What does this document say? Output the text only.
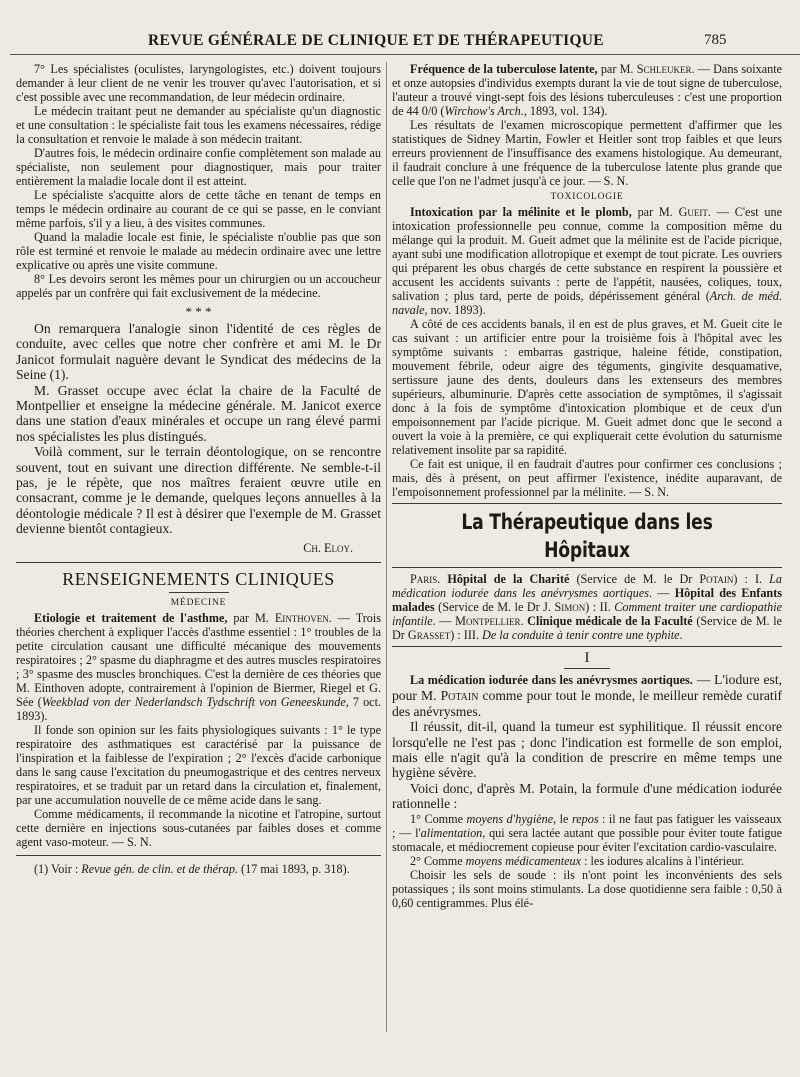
REVUE GÉNÉRALE DE CLINIQUE ET DE THÉRAPEUTIQUE	785

7° Les spécialistes (oculistes, laryngologistes, etc.) doivent toujours demander à leur client de ne venir les trouver qu'avec l'autorisation, et si c'est possible avec une recommandation, de leur médecin ordinaire.

Le médecin traitant peut ne demander au spécialiste qu'un diagnostic et une consultation : le spécialiste fait tous les examens nécessaires, rédige la consultation et renvoie le malade à son médecin traitant.

D'autres fois, le médecin ordinaire confie complètement son malade au spécialiste, non seulement pour diagnostiquer, mais pour traiter entièrement la maladie locale dont il est atteint.

Le spécialiste s'acquitte alors de cette tâche en tenant de temps en temps le médecin ordinaire au courant de ce qui se passe, en le conviant même parfois, s'il y a lieu, à des visites communes.

Quand la maladie locale est finie, le spécialiste n'oublie pas que son rôle est terminé et renvoie le malade au médecin ordinaire avec une lettre explicative ou après une visite commune.

8° Les devoirs seront les mêmes pour un chirurgien ou un accoucheur appelés par un confrère qui fait exclusivement de la médecine.

* * *

On remarquera l'analogie sinon l'identité de ces règles de conduite, avec celles que notre cher confrère et ami M. le Dr Janicot formulait naguère devant le Syndicat des médecins de la Seine (1).

M. Grasset occupe avec éclat la chaire de la Faculté de Montpellier et enseigne la médecine générale. M. Janicot exerce dans une station d'eaux minérales et occupe un rang élevé parmi nos spécialistes les plus distingués.

Voilà comment, sur le terrain déontologique, on se rencontre souvent, tout en suivant une direction différente. Ne semble-t-il pas, je le répète, que nos maîtres feraient œuvre utile en consacrant, comme je le demande, quelques leçons annuelles à la déontologie médicale ? Il est à désirer que l'exemple de M. Grasset devienne bientôt contagieux.

Ch. Eloy.
RENSEIGNEMENTS CLINIQUES
MÉDECINE

Etiologie et traitement de l'asthme, par M. Einthoven. — Trois théories cherchent à expliquer l'accès d'asthme essentiel : 1° troubles de la petite circulation causant une difficulté mécanique des mouvements respiratoires ; 2° spasme du diaphragme et des autres muscles respiratoires ; 3° spasme des muscles bronchiques. C'est la dernière de ces théories que M. Einthoven adopte, contrairement à l'opinion de Biermer, Riegel et G. Sée (Weekblad von der Nederlandsch Tydschrift von Geneeskunde, 7 oct. 1893).

Il fonde son opinion sur les faits physiologiques suivants : 1° le type respiratoire des asthmatiques est caractérisé par la puissance de l'inspiration et la faiblesse de l'expiration ; 2° l'excès d'acide carbonique dans le sang cause l'excitation du pneumogastrique et des centres nerveux respiratoires, et se traduit par un retard dans la circulation et, finalement, par une accumulation nouvelle de ce même acide dans le sang.

Comme médicaments, il recommande la nicotine et l'atropine, surtout cette dernière en injections sous-cutanées par faibles doses et comme agent vaso-moteur. — S. N.

(1) Voir : Revue gén. de clin. et de thérap. (17 mai 1893, p. 318).

Fréquence de la tuberculose latente, par M. Schleuker. — Dans soixante et onze autopsies d'individus exempts durant la vie de tout signe de tuberculose, l'auteur a trouvé vingt-sept fois des lésions tuberculeuses : c'est une proportion de 44 0/0 (Wirchow's Arch., 1893, vol. 134).

Les résultats de l'examen microscopique permettent d'affirmer que les statistiques de Sidney Martin, Fowler et Heitler sont trop faibles et que leurs erreurs proviennent de l'insuffisance des examens histologique. Au demeurant, il faudrait conclure à une fréquence de la tuberculose latente plus grande que celle que l'on ne l'admet jusqu'à ce jour. — S. N.

TOXICOLOGIE

Intoxication par la mélinite et le plomb, par M. Gueit. — C'est une intoxication professionnelle peu connue, comme la composition même du mélange qui la produit. M. Gueit admet que la mélinite est de l'acide picrique, ayant subi une modification allotropique et exempt de tout picrate. Les ouvriers qui préparent les obus chargés de cette substance en respirent la poussière et accusent les accidents suivants : perte de l'appétit, nausées, coliques, toux, salivation ; plus tard, perte de poids, dépérissement général (Arch. de méd. navale, nov. 1893).

A côté de ces accidents banals, il en est de plus graves, et M. Gueit cite le cas suivant : un artificier entre pour la troisième fois à l'hôpital avec les symptôme suivants : embarras gastrique, haleine fétide, constipation, mouvement fébrile, odeur aigre des téguments, gingivite desquamative, sertissure jaune des dents, douleurs dans les extenseurs des membres supérieurs, albuminurie. D'après cette association de symptômes, il s'agissait donc à la fois de symptôme d'intoxication plombique et de ceux d'un empoisonnement par l'acide picrique. M. Gueit admet donc que le second a ouvert la voie à la première, ce qui expliquerait cette évolution du saturnisme relativement insolite par sa rapidité.

Ce fait est unique, il en faudrait d'autres pour confirmer ces conclusions ; mais, dès à présent, on peut affirmer l'existence, inédite auparavant, de l'empoisonnement professionnel par la mélinite. — S. N.

La Thérapeutique dans les Hôpitaux

Paris. Hôpital de la Charité (Service de M. le Dr Potain) : I. La médication iodurée dans les anévrysmes aortiques. — Hôpital des Enfants malades (Service de M. le Dr J. Simon) : II. Comment traiter une cardiopathie infantile. — Montpellier. Clinique médicale de la Faculté (Service de M. le Dr Grasset) : III. De la conduite à tenir contre une typhite.

I

La médication iodurée dans les anévrysmes aortiques. — L'iodure est, pour M. Potain comme pour tout le monde, le meilleur remède curatif des anévrysmes.

Il réussit, dit-il, quand la tumeur est syphilitique. Il réussit encore lorsqu'elle ne l'est pas ; donc l'indication est formelle de son emploi, mais elle n'agit qu'à la condition de prescrire en même temps une hygiène sévère.

Voici donc, d'après M. Potain, la formule d'une médication iodurée rationnelle :

1° Comme moyens d'hygiène, le repos : il ne faut pas fatiguer les vaisseaux ; — l'alimentation, qui sera lactée autant que possible pour éviter toute fatigue stomacale, et médiocrement copieuse pour éviter l'excitation cardio-vasculaire.

2° Comme moyens médicamenteux : les iodures alcalins à l'intérieur.

Choisir les sels de soude : ils n'ont point les inconvénients des sels potassiques ; ils sont moins stimulants. La dose quotidienne sera faible : 0,50 à 0,60 centigrammes. Plus élé-
